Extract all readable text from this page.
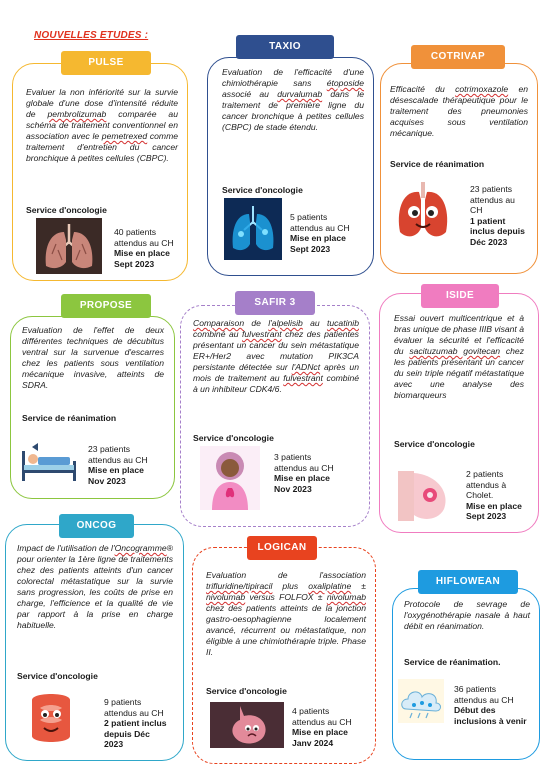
NOUVELLES ETUDES :
PULSE
Evaluer la non infériorité sur la survie globale d'une dose d'intensité réduite de pembrolizumab comparée au schéma de traitement conventionnel en association avec le pemetrexed comme traitement d'entretien du cancer bronchique à petites cellules (CBPC).
Service d'oncologie
40 patients
attendus au CH
Mise en place
Sept 2023
TAXIO
Evaluation de l'efficacité d'une chimiothérapie sans étoposide associé au durvalumab dans le traitement de première ligne du cancer bronchique à petites cellules (CBPC) de stade étendu.
Service d'oncologie
5 patients
attendus au CH
Mise en place
Sept 2023
COTRIVAP
Efficacité du cotrimoxazole en désescalade thérapeutique pour le traitement des pneumonies acquises sous ventilation mécanique.
Service de réanimation
23 patients
attendus au
CH
1 patient
inclus depuis
Déc 2023
PROPOSE
Evaluation de l'effet de deux différentes techniques de décubitus ventral sur la survenue d'escarres chez les patients sous ventilation mécanique invasive, atteints de SDRA.
Service de réanimation
23 patients
attendus au CH
Mise en place
Nov 2023
SAFIR 3
Comparaison de l'alpelisib au tucatinib combiné au fulvestrant chez des patientes présentant un cancer du sein métastatique ER+/Her2 avec mutation PIK3CA persistante détectée sur l'ADNct après un mois de traitement au fulvestrant combiné à un inhibiteur CDK4/6.
Service d'oncologie
3 patients
attendus au CH
Mise en place
Nov 2023
ISIDE
Essai ouvert multicentrique et à bras unique de phase IIIB visant à évaluer la sécurité et l'efficacité du sacituzumab govitecan chez les patients présentant un cancer du sein triple négatif métastatique avec une analyse des biomarqueurs
Service d'oncologie
2 patients
attendus à
Cholet.
Mise en place
Sept 2023
ONCOG
Impact de l'utilisation de l'Oncogramme® pour orienter la 1ère ligne de traitements chez des patients atteints d'un cancer colorectal métastatique sur la survie sans progression, les coûts de prise en charge, l'efficience et la qualité de vie par rapport à la prise en charge habituelle.
Service d'oncologie
9 patients
attendus au CH
2 patient inclus
depuis Déc
2023
LOGICAN
Evaluation de l'association trifluridine/tipiracil plus oxaliplatine ± nivolumab versus FOLFOX ± nivolumab chez des patients atteints de la jonction gastro-oesophagienne localement avancé, récurrent ou métastatique, non éligible à une chimiothérapie triple. Phase II.
Service d'oncologie
4 patients
attendus au CH
Mise en place
Janv 2024
HIFLOWEAN
Protocole de sevrage de l'oxygénothérapie nasale à haut débit en réanimation.
Service de réanimation.
36 patients
attendus au CH
Début des
inclusions à venir
